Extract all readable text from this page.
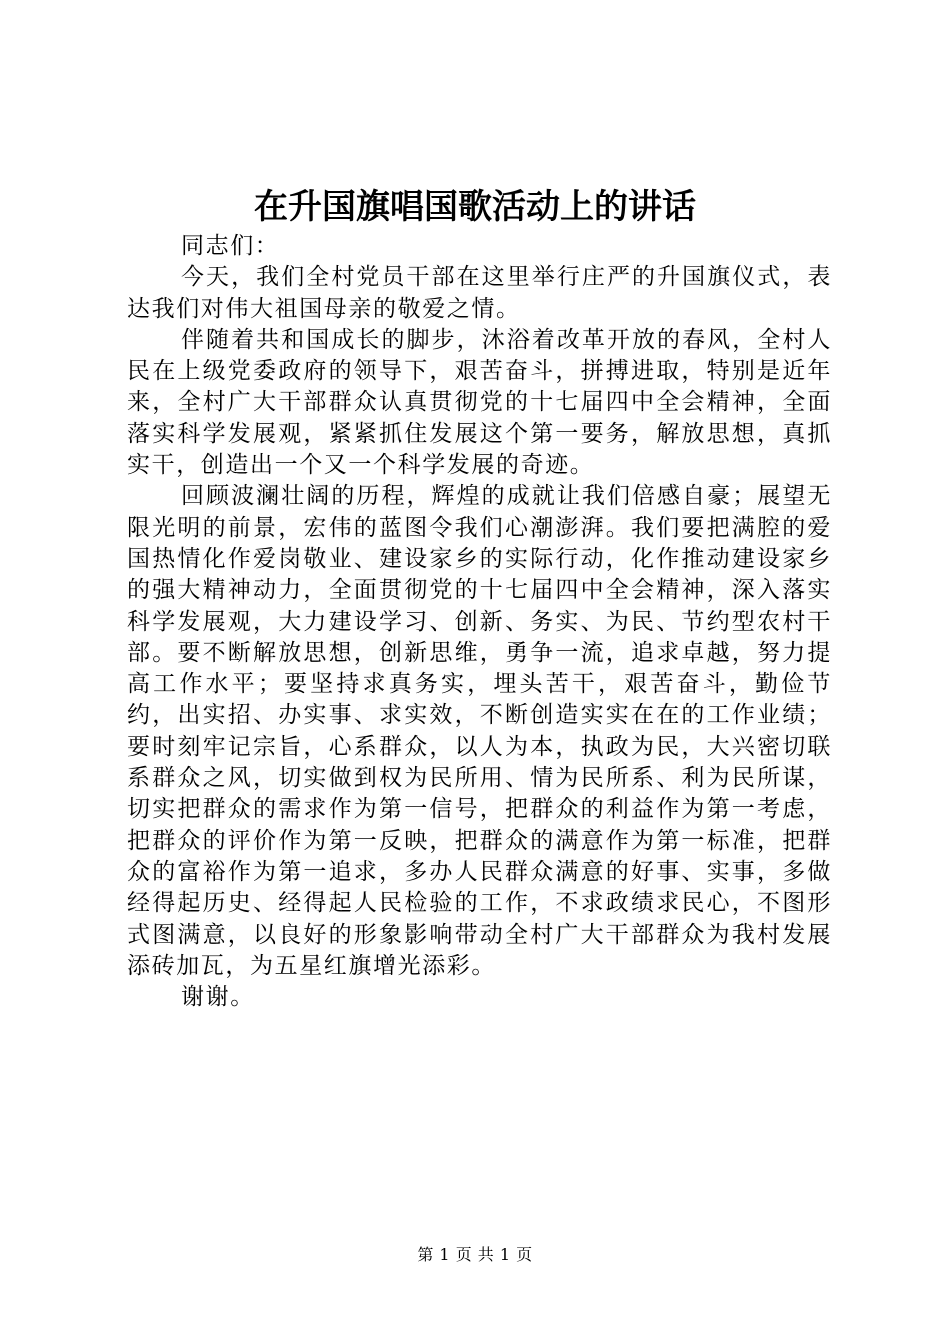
在升国旗唱国歌活动上的讲话

同志们：

今天，我们全村党员干部在这里举行庄严的升国旗仪式，表达我们对伟大祖国母亲的敬爱之情。

伴随着共和国成长的脚步，沐浴着改革开放的春风，全村人民在上级党委政府的领导下，艰苦奋斗，拼搏进取，特别是近年来，全村广大干部群众认真贯彻党的十七届四中全会精神，全面落实科学发展观，紧紧抓住发展这个第一要务，解放思想，真抓实干，创造出一个又一个科学发展的奇迹。

回顾波澜壮阔的历程，辉煌的成就让我们倍感自豪；展望无限光明的前景，宏伟的蓝图令我们心潮澎湃。我们要把满腔的爱国热情化作爱岗敬业、建设家乡的实际行动，化作推动建设家乡的强大精神动力，全面贯彻党的十七届四中全会精神，深入落实科学发展观，大力建设学习、创新、务实、为民、节约型农村干部。要不断解放思想，创新思维，勇争一流，追求卓越，努力提高工作水平；要坚持求真务实，埋头苦干，艰苦奋斗，勤俭节约，出实招、办实事、求实效，不断创造实实在在的工作业绩；要时刻牢记宗旨，心系群众，以人为本，执政为民，大兴密切联系群众之风，切实做到权为民所用、情为民所系、利为民所谋，切实把群众的需求作为第一信号，把群众的利益作为第一考虑，把群众的评价作为第一反映，把群众的满意作为第一标准，把群众的富裕作为第一追求，多办人民群众满意的好事、实事，多做经得起历史、经得起人民检验的工作，不求政绩求民心，不图形式图满意，以良好的形象影响带动全村广大干部群众为我村发展添砖加瓦，为五星红旗增光添彩。

谢谢。

第 1 页 共 1 页
